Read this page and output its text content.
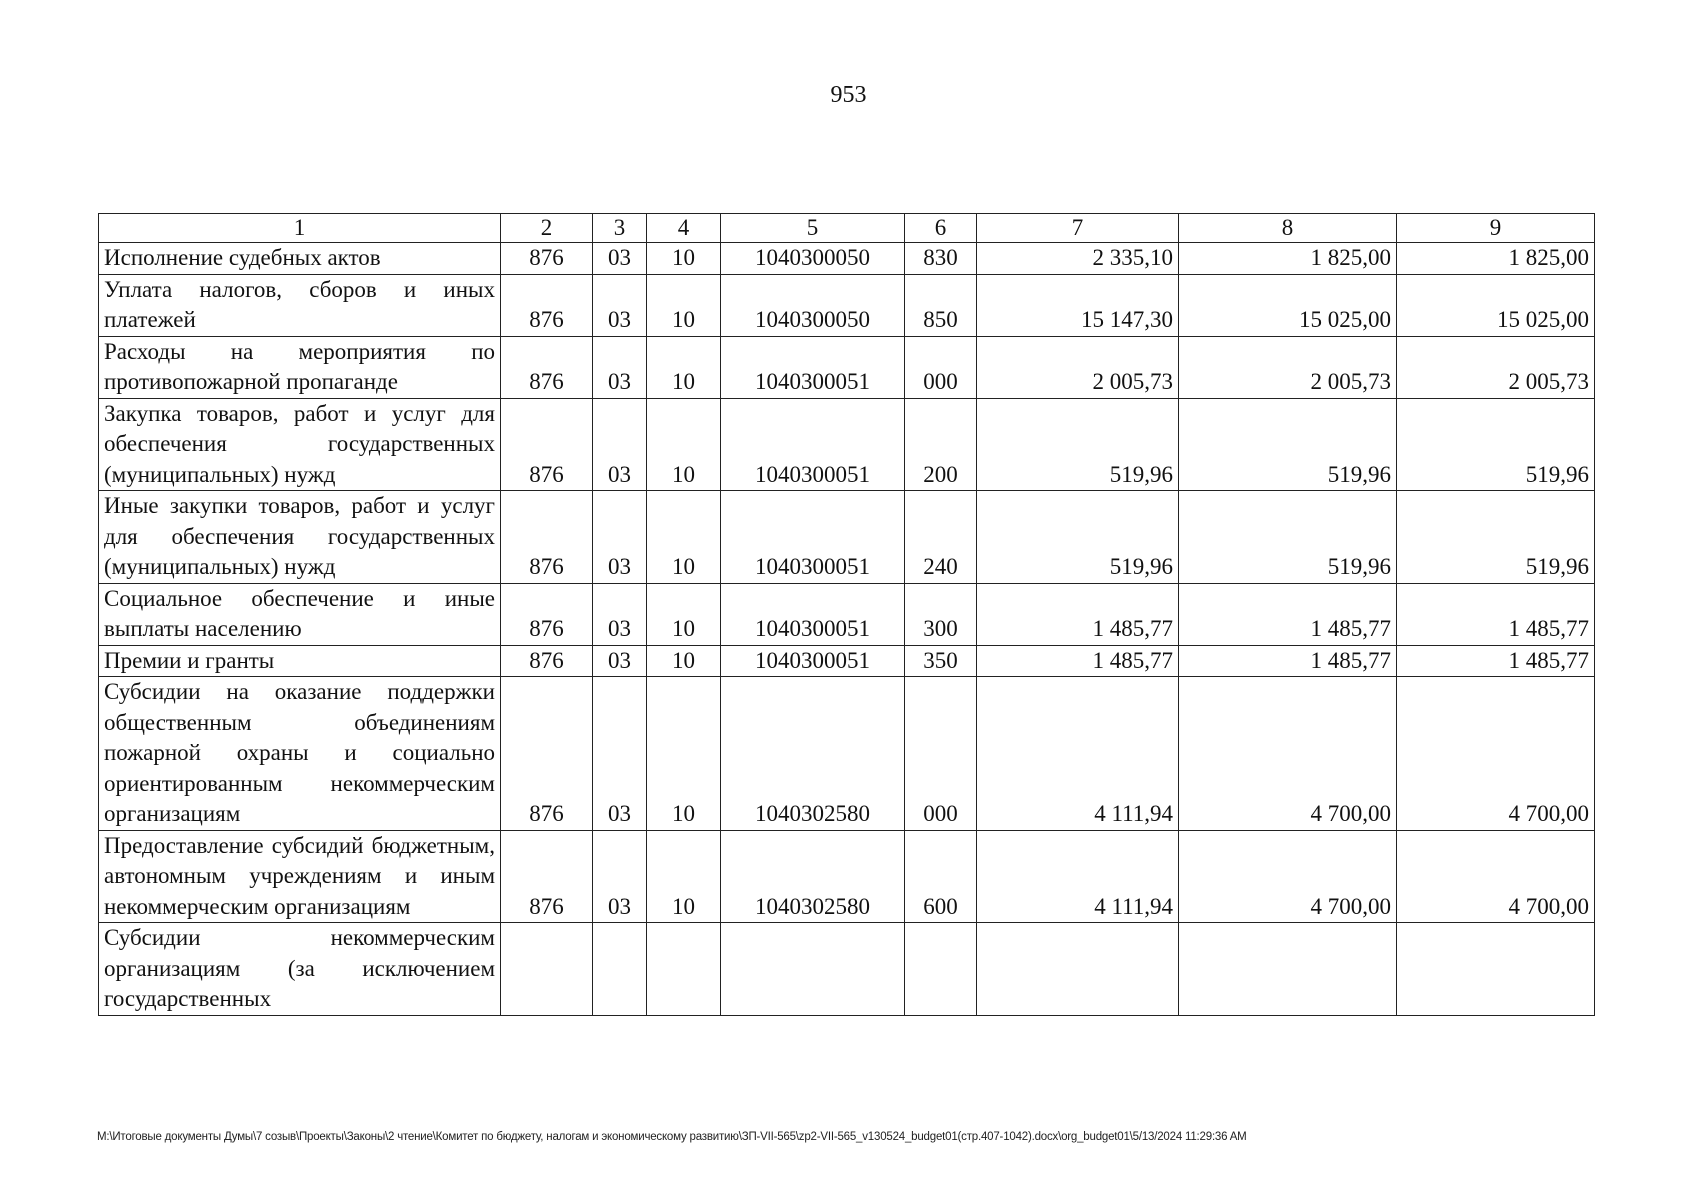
953
1	2	3	4	5	6	7	8	9
Исполнение судебных актов	876	03	10	1040300050	830	2 335,10	1 825,00	1 825,00
Уплата налогов, сборов и иных платежей	876	03	10	1040300050	850	15 147,30	15 025,00	15 025,00
Расходы на мероприятия по противопожарной пропаганде	876	03	10	1040300051	000	2 005,73	2 005,73	2 005,73
Закупка товаров, работ и услуг для обеспечения государственных (муниципальных) нужд	876	03	10	1040300051	200	519,96	519,96	519,96
Иные закупки товаров, работ и услуг для обеспечения государственных (муниципальных) нужд	876	03	10	1040300051	240	519,96	519,96	519,96
Социальное обеспечение и иные выплаты населению	876	03	10	1040300051	300	1 485,77	1 485,77	1 485,77
Премии и гранты	876	03	10	1040300051	350	1 485,77	1 485,77	1 485,77
Субсидии на оказание поддержки общественным объединениям пожарной охраны и социально ориентированным некоммерческим организациям	876	03	10	1040302580	000	4 111,94	4 700,00	4 700,00
Предоставление субсидий бюджетным, автономным учреждениям и иным некоммерческим организациям	876	03	10	1040302580	600	4 111,94	4 700,00	4 700,00
Субсидии некоммерческим организациям (за исключением государственных								
M:\Итоговые документы Думы\7 созыв\Проекты\Законы\2 чтение\Комитет по бюджету, налогам и экономическому развитию\ЗП-VII-565\zp2-VII-565_v130524_budget01(стр.407-1042).docx\org_budget01\5/13/2024 11:29:36 AM
